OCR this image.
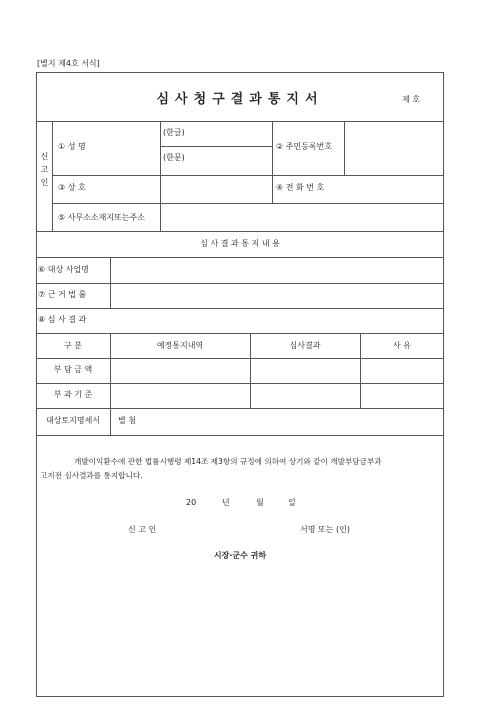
[별지 제4호 서식]
심사청구결과통지서	제 호
신고인
① 성 명
(한글)
(한문)
② 주민등록번호
③ 상 호	④ 전 화 번 호
⑤ 사무소소재지또는주소
심 사 결 과 통 지 내 용
⑥ 대상 사업명
⑦ 근 거 법 률
⑧ 심 사 결 과
구 분	예정통지내역	심사결과	사 유
부 담 금 액
부 과 기 준
대상토지명세서	별 첨
개발이익환수에 관한 법률시행령 제14조 제3항의 규정에 의하여 상기와 같이 개발부담금부과
고지전 심사결과를 통지합니다.
20	년	월	일
신 고 인	서명 또는 (인)
시장·군수 귀하
